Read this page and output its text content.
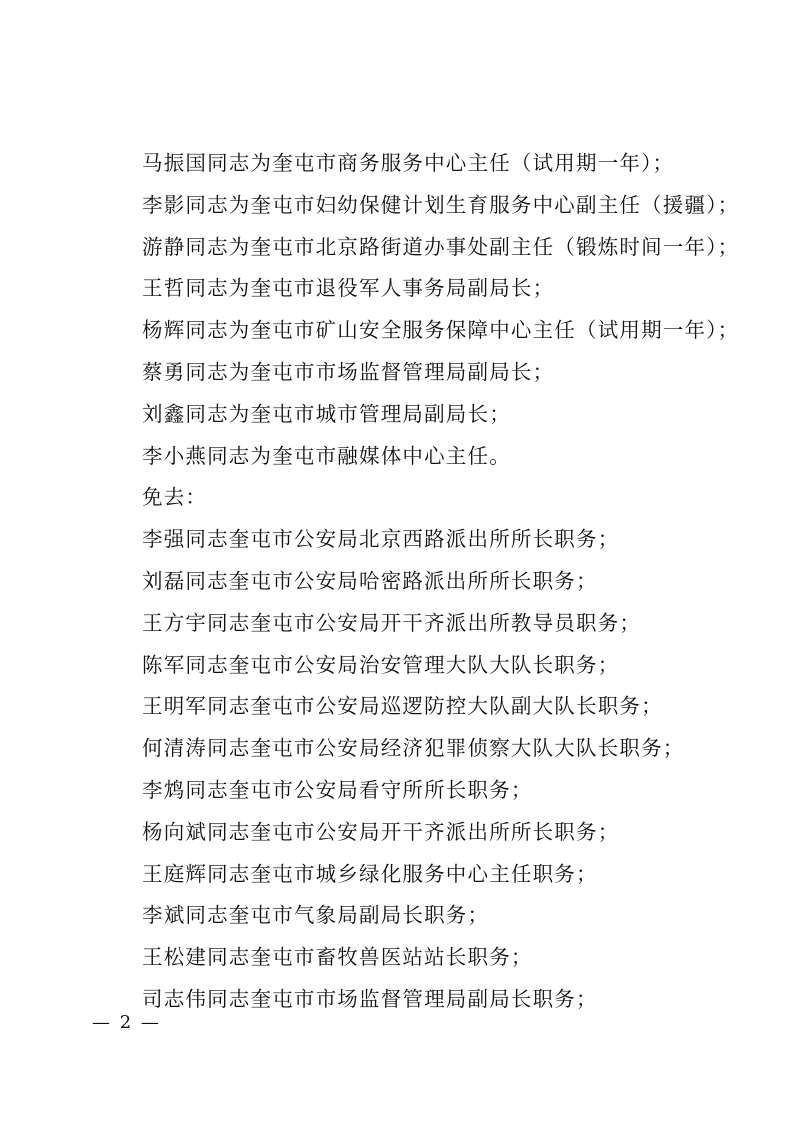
马振国同志为奎屯市商务服务中心主任（试用期一年）；
李影同志为奎屯市妇幼保健计划生育服务中心副主任（援疆）；
游静同志为奎屯市北京路街道办事处副主任（锻炼时间一年）；
王哲同志为奎屯市退役军人事务局副局长；
杨辉同志为奎屯市矿山安全服务保障中心主任（试用期一年）；
蔡勇同志为奎屯市市场监督管理局副局长；
刘鑫同志为奎屯市城市管理局副局长；
李小燕同志为奎屯市融媒体中心主任。
免去：
李强同志奎屯市公安局北京西路派出所所长职务；
刘磊同志奎屯市公安局哈密路派出所所长职务；
王方宇同志奎屯市公安局开干齐派出所教导员职务；
陈军同志奎屯市公安局治安管理大队大队长职务；
王明军同志奎屯市公安局巡逻防控大队副大队长职务；
何清涛同志奎屯市公安局经济犯罪侦察大队大队长职务；
李鸩同志奎屯市公安局看守所所长职务；
杨向斌同志奎屯市公安局开干齐派出所所长职务；
王庭辉同志奎屯市城乡绿化服务中心主任职务；
李斌同志奎屯市气象局副局长职务；
王松建同志奎屯市畜牧兽医站站长职务；
司志伟同志奎屯市市场监督管理局副局长职务；
— 2 —
